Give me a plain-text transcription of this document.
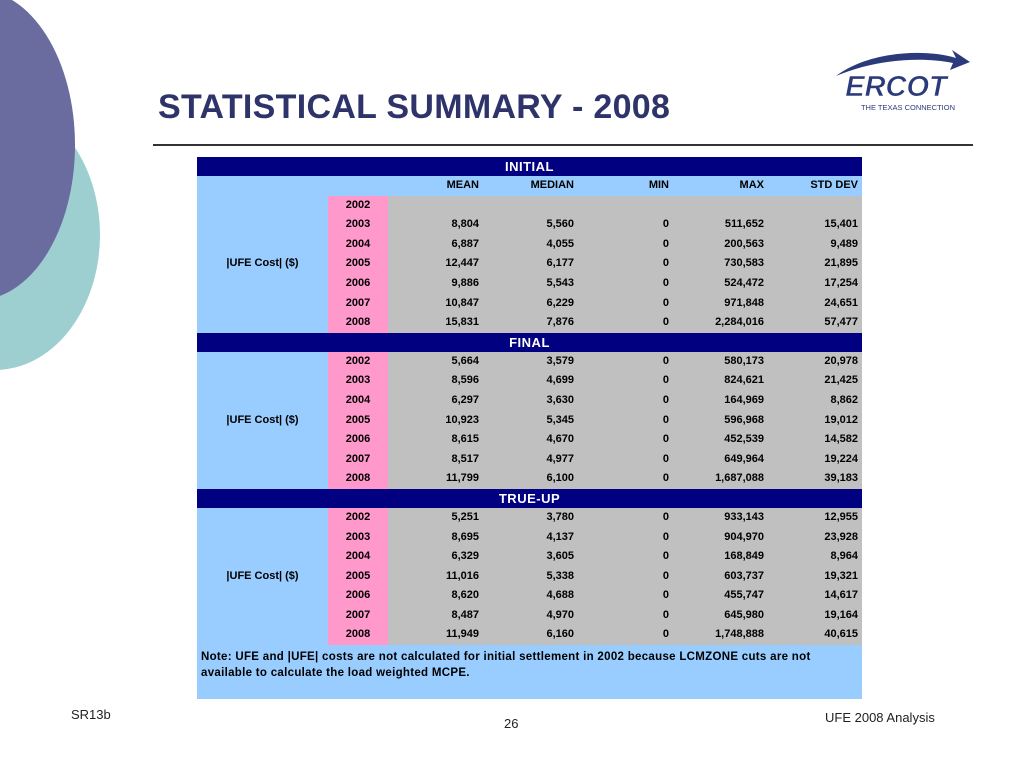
STATISTICAL SUMMARY - 2008
ERCOT
THE TEXAS CONNECTION
INITIAL						
		MEAN	MEDIAN	MIN	MAX	STD DEV
|UFE Cost| ($)	2002					
	2003	8,804	5,560	0	511,652	15,401
	2004	6,887	4,055	0	200,563	9,489
	2005	12,447	6,177	0	730,583	21,895
	2006	9,886	5,543	0	524,472	17,254
	2007	10,847	6,229	0	971,848	24,651
	2008	15,831	7,876	0	2,284,016	57,477
FINAL						
|UFE Cost| ($)	2002	5,664	3,579	0	580,173	20,978
	2003	8,596	4,699	0	824,621	21,425
	2004	6,297	3,630	0	164,969	8,862
	2005	10,923	5,345	0	596,968	19,012
	2006	8,615	4,670	0	452,539	14,582
	2007	8,517	4,977	0	649,964	19,224
	2008	11,799	6,100	0	1,687,088	39,183
TRUE-UP						
|UFE Cost| ($)	2002	5,251	3,780	0	933,143	12,955
	2003	8,695	4,137	0	904,970	23,928
	2004	6,329	3,605	0	168,849	8,964
	2005	11,016	5,338	0	603,737	19,321
	2006	8,620	4,688	0	455,747	14,617
	2007	8,487	4,970	0	645,980	19,164
	2008	11,949	6,160	0	1,748,888	40,615
Note: UFE and |UFE| costs are not calculated for initial settlement in 2002 because LCMZONE cuts are not available to calculate the load weighted MCPE.
SR13b
26	UFE 2008 Analysis
